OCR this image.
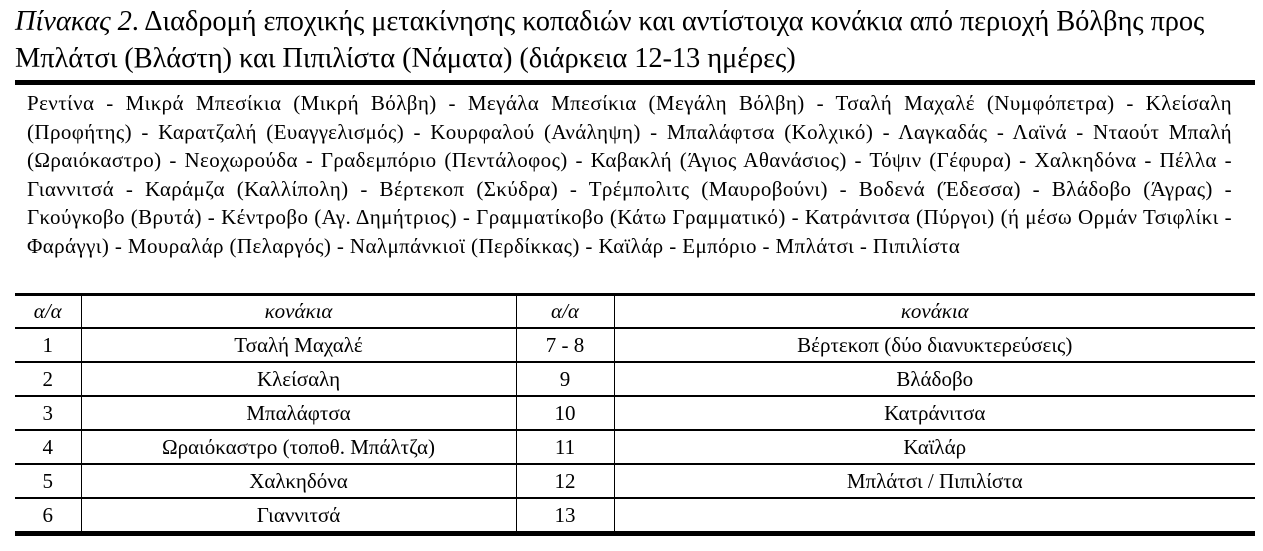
Πίνακας 2. Διαδρομή εποχικής μετακίνησης κοπαδιών και αντίστοιχα κονάκια από περιοχή Βόλβης προς Μπλάτσι (Βλάστη) και Πιπιλίστα (Νάματα) (διάρκεια 12-13 ημέρες)
Ρεντίνα - Μικρά Μπεσίκια (Μικρή Βόλβη) - Μεγάλα Μπεσίκια (Μεγάλη Βόλβη) - Τσαλή Μαχαλέ (Νυμφόπετρα) - Κλείσαλη (Προφήτης) - Καρατζαλή (Ευαγγελισμός) - Κουρφαλού (Ανάληψη) - Μπαλάφτσα (Κολχικό) - Λαγκαδάς - Λαϊνά - Νταούτ Μπαλή (Ωραιόκαστρο) - Νεοχωρούδα - Γραδεμπόριο (Πεντάλοφος) - Καβακλή (Άγιος Αθανάσιος) - Τόψιν (Γέφυρα) - Χαλκηδόνα - Πέλλα - Γιαννιτσά - Καράμζα (Καλλίπολη) - Βέρτεκοπ (Σκύδρα) - Τρέμπολιτς (Μαυροβούνι) - Βοδενά (Έδεσσα) - Βλάδοβο (Άγρας) - Γκούγκοβο (Βρυτά) - Κέντροβο (Αγ. Δημήτριος) - Γραμματίκοβο (Κάτω Γραμματικό) - Κατράνιτσα (Πύργοι) (ή μέσω Ορμάν Τσιφλίκι - Φαράγγι) - Μουραλάρ (Πελαργός) - Ναλμπάνκιοϊ (Περδίκκας) - Καϊλάρ - Εμπόριο - Μπλάτσι - Πιπιλίστα
α/α	κονάκια	α/α	κονάκια
1	Τσαλή Μαχαλέ	7 - 8	Βέρτεκοπ (δύο διανυκτερεύσεις)
2	Κλείσαλη	9	Βλάδοβο
3	Μπαλάφτσα	10	Κατράνιτσα
4	Ωραιόκαστρο (τοποθ. Μπάλτζα)	11	Καϊλάρ
5	Χαλκηδόνα	12	Μπλάτσι / Πιπιλίστα
6	Γιαννιτσά	13	
